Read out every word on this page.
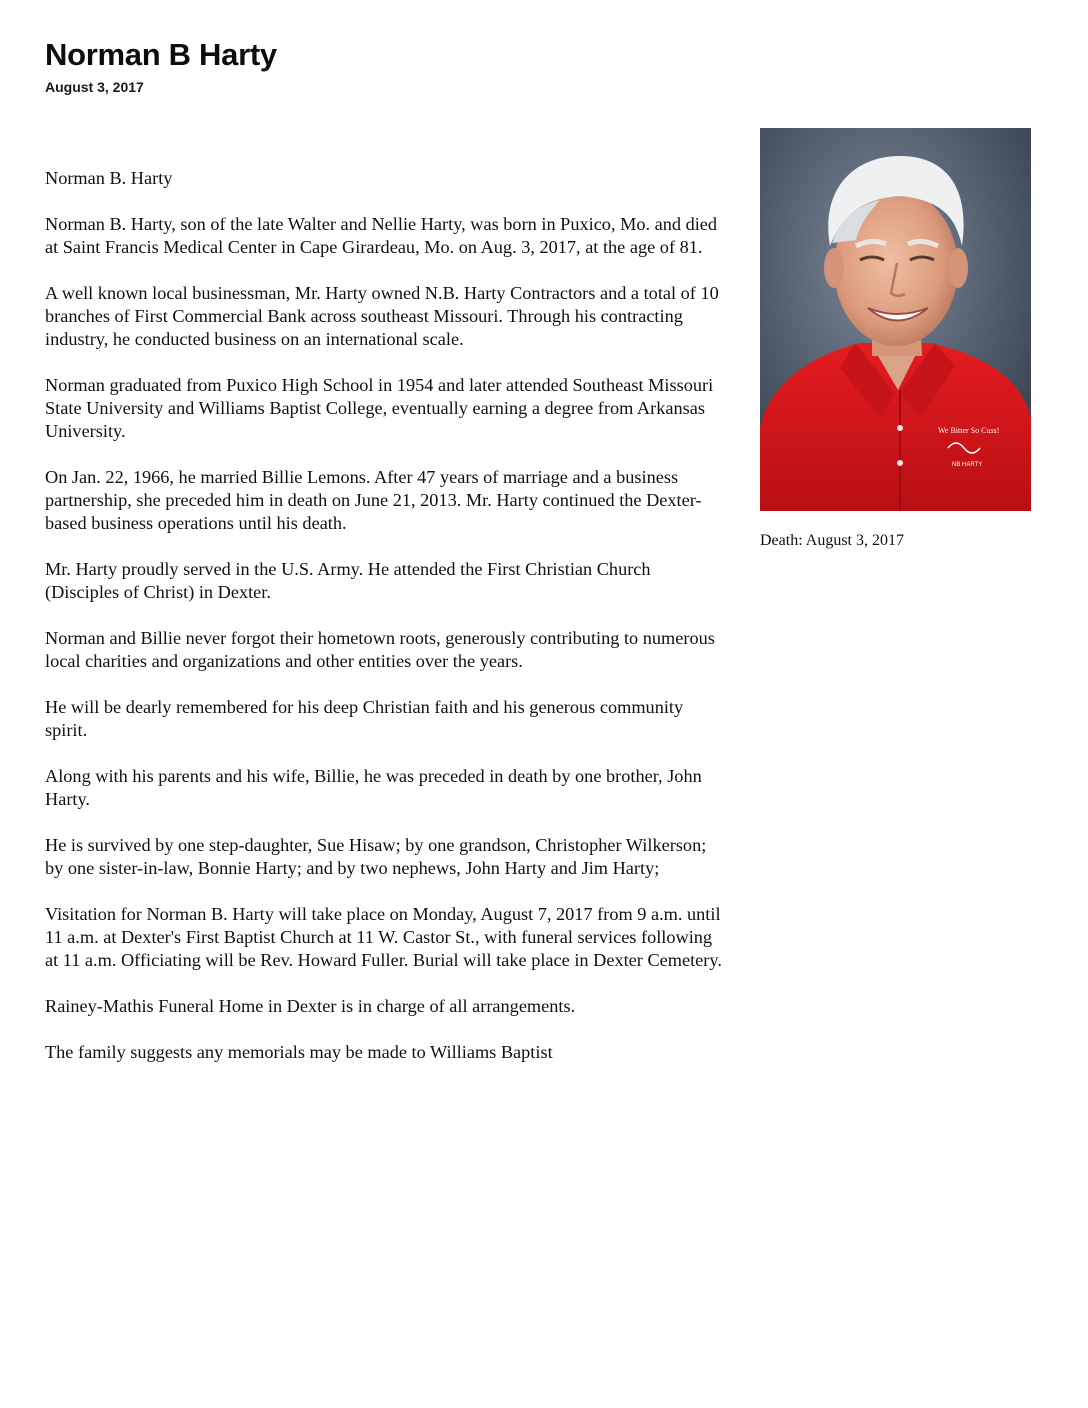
Norman B Harty
August 3, 2017

Norman B. Harty

Norman B. Harty, son of the late Walter and Nellie Harty, was born in Puxico, Mo. and died at Saint Francis Medical Center in Cape Girardeau, Mo. on Aug. 3, 2017, at the age of 81.

A well known local businessman, Mr. Harty owned N.B. Harty Contractors and a total of 10 branches of First Commercial Bank across southeast Missouri. Through his contracting industry, he conducted business on an international scale.

Norman graduated from Puxico High School in 1954 and later attended Southeast Missouri State University and Williams Baptist College, eventually earning a degree from Arkansas University.

On Jan. 22, 1966, he married Billie Lemons. After 47 years of marriage and a business partnership, she preceded him in death on June 21, 2013. Mr. Harty continued the Dexter-based business operations until his death.

Mr. Harty proudly served in the U.S. Army. He attended the First Christian Church (Disciples of Christ) in Dexter.

Norman and Billie never forgot their hometown roots, generously contributing to numerous local charities and organizations and other entities over the years.

He will be dearly remembered for his deep Christian faith and his generous community spirit.

Along with his parents and his wife, Billie, he was preceded in death by one brother, John Harty.

He is survived by one step-daughter, Sue Hisaw; by one grandson, Christopher Wilkerson; by one sister-in-law, Bonnie Harty; and by two nephews, John Harty and Jim Harty;

Visitation for Norman B. Harty will take place on Monday, August 7, 2017 from 9 a.m. until 11 a.m. at Dexter's First Baptist Church at 11 W. Castor St., with funeral services following at 11 a.m. Officiating will be Rev. Howard Fuller. Burial will take place in Dexter Cemetery.

Rainey-Mathis Funeral Home in Dexter is in charge of all arrangements.

The family suggests any memorials may be made to Williams Baptist

We Bitter So Cuss!
NB HARTY
Death: August 3, 2017
